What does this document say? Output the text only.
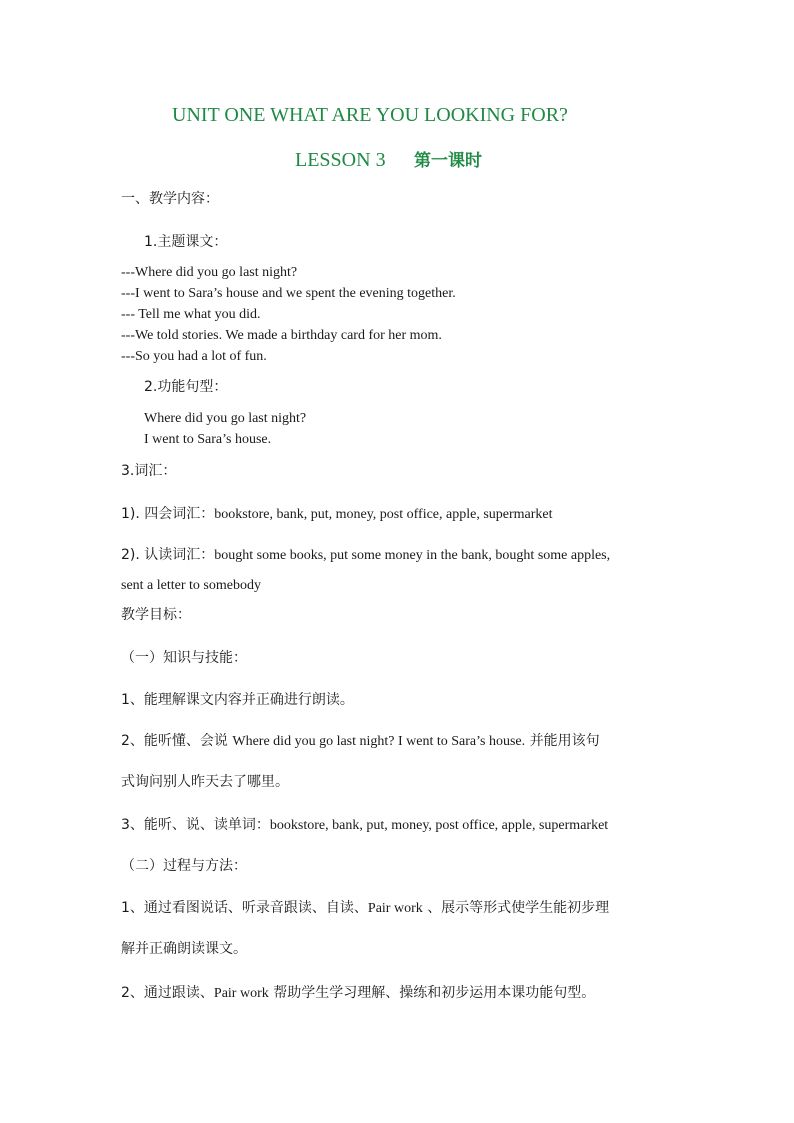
UNIT ONE WHAT ARE YOU LOOKING FOR?
LESSON 3 第一课时
一、教学内容：
1.主题课文：
---Where did you go last night?
---I went to Sara’s house and we spent the evening together.
--- Tell me what you did.
---We told stories. We made a birthday card for her mom.
---So you had a lot of fun.
2.功能句型：
Where did you go last night?
I went to Sara’s house.
3.词汇：
1). 四会词汇：bookstore, bank, put, money, post office, apple, supermarket
2). 认读词汇：bought some books, put some money in the bank, bought some apples,
sent a letter to somebody
教学目标：
（一）知识与技能：
1、能理解课文内容并正确进行朗读。
2、能听懂、会说 Where did you go last night? I went to Sara’s house. 并能用该句
式询问别人昨天去了哪里。
3、能听、说、读单词：bookstore, bank, put, money, post office, apple, supermarket
（二）过程与方法：
1、通过看图说话、听录音跟读、自读、Pair work 、展示等形式使学生能初步理
解并正确朗读课文。
2、通过跟读、Pair work 帮助学生学习理解、操练和初步运用本课功能句型。
